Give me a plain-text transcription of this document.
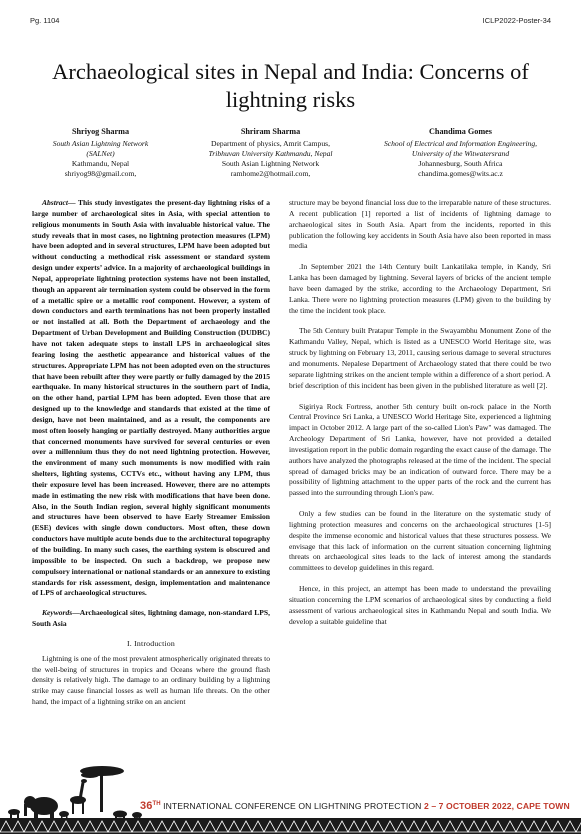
Pg. 1104	ICLP2022-Poster-34
Archaeological sites in Nepal and India: Concerns of lightning risks
Shriyog Sharma
South Asian Lightning Network
(SALNet)
Kathmandu, Nepal
shriyog98@gmail.com,
Shriram Sharma
Department of physics, Amrit Campus,
Tribhuvan University Kathmandu, Nepal
South Asian Lightning Network
ramhome2@hotmail.com,
Chandima Gomes
School of Electrical and Information Engineering,
University of the Witwatersrand
Johannesburg, South Africa
chandima.gomes@wits.ac.z

Abstract— This study investigates the present-day lightning risks of a large number of archaeological sites in Asia, with special attention to religious monuments in South Asia with invaluable historical value. The study reveals that in most cases, no lightning protection measures (LPM) have been adopted and in several structures, LPM have been adopted but without conducting a methodical risk assessment or standard system design under experts’ advice. In a majority of archaeological buildings in Nepal, appropriate lightning protection systems have not been installed, though an apparent air termination system could be observed in the form of a metallic spire or a metallic roof component. However, a system of down conductors and earth terminations has not been properly installed or not installed at all. Both the Department of archaeology and the Department of Urban Development and Building Construction (DUDBC) have not taken adequate steps to install LPS in archaeological sites fearing losing the aesthetic appearance and historical values of the structures. Appropriate LPM has not been adopted even on the structures that have been rebuilt after they were partly or fully damaged by the 2015 earthquake. In many historical structures in the southern part of India, on the other hand, partial LPM has been adopted. Even those that are designed up to the knowledge and standards that existed at the time of design, have not been maintained, and as a result, the components are most often loosely hanging or partially destroyed. Many authorities argue that concerned monuments have survived for several centuries or even over a millennium thus they do not need lightning protection. However, the environment of many such monuments is now modified with rain shelters, lighting systems, CCTVs etc., without having any LPM, thus their exposure level has been increased. However, there are no attempts made in estimating the new risk with modifications that have been done. Also, in the South Indian region, several highly significant monuments and structures have been observed to have Early Streamer Emission (ESE) devices with single down conductors. Most often, these down conductors have multiple acute bends due to the architectural topography of the building. In many such cases, the earthing system is obscured and impossible to be inspected. On such a backdrop, we propose new compulsory international or national standards or an annexure to existing standards for risk assessment, design, implementation and maintenance of LPS of archaeological structures.

Keywords—Archaeological sites, lightning damage, non-standard LPS, South Asia

I. Introduction

Lightning is one of the most prevalent atmospherically originated threats to the well-being of structures in tropics and Oceans where the ground flash density is relatively high. The damage to an ordinary building by a lightning strike may cause financial losses as well as human life threats. On the other hand, the impact of a lightning strike on an ancient

structure may be beyond financial loss due to the irreparable nature of these structures. A recent publication [1] reported a list of incidents of lightning damage to archaeological sites in South Asia. Apart from the incidents, reported in this publication the following key accidents in South Asia have also been reported in mass media

.In September 2021 the 14th Century built Lankatilaka temple, in Kandy, Sri Lanka has been damaged by lightning. Several layers of bricks of the ancient temple have been damaged by the strike, according to the Archaeology Department, Sri Lanka. There were no lightning protection measures (LPM) given to the building by the time the incident took place.

The 5th Century built Pratapur Temple in the Swayambhu Monument Zone of the Kathmandu Valley, Nepal, which is listed as a UNESCO World Heritage site, was struck by lightning on February 13, 2011, causing serious damage to several structures and monuments. Nepalese Department of Archaeology stated that there could be two separate lightning strikes on the ancient temple within a difference of a short period. A brief description of this incident has been given in the published literature as well [2].

Sigiriya Rock Fortress, another 5th century built on-rock palace in the North Central Province Sri Lanka, a UNESCO World Heritage Site, experienced a lightning impact in October 2012. A large part of the so-called Lion's Paw" was damaged. The Archeology Department of Sri Lanka, however, have not provided a detailed investigation report in the public domain regarding the exact cause of the damage. The authors have analyzed the photographs released at the time of the incident. The special spread of damaged bricks may be an indication of outward force. There may be a possibility of lightning attachment to the upper parts of the rock and the current has passed into the surrounding through Lion's paw.

Only a few studies can be found in the literature on the systematic study of lightning protection measures and concerns on the archaeological structures [1-5] despite the immense economic and historical values that these structures possess. We envisage that this lack of information on the current situation concerning lightning threats on archaeological sites leads to the lack of interest among the standards committees to develop guidelines in this regard.

Hence, in this project, an attempt has been made to understand the prevailing situation concerning the LPM scenarios of archaeological sites by conducting a field assessment of various archaeological sites in Kathmandu Nepal and south India. We develop a suitable guideline that

36TH INTERNATIONAL CONFERENCE ON LIGHTNING PROTECTION 2 – 7 OCTOBER 2022, CAPE TOWN
